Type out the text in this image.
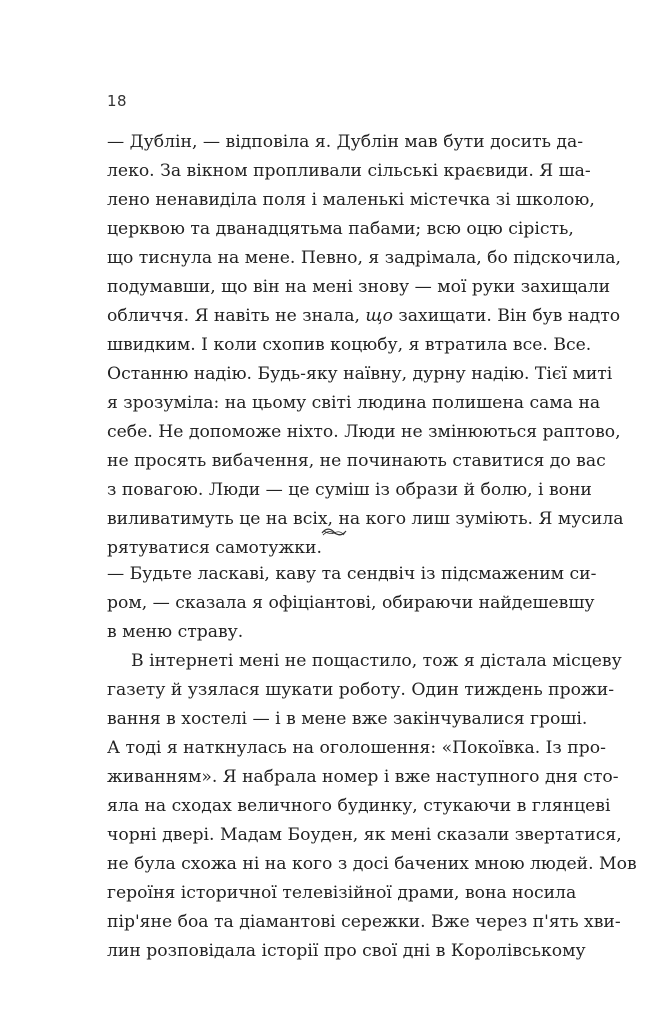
18
— Дублін, — відповіла я. Дублін мав бути досить да-
леко. За вікном пропливали сільські краєвиди. Я ша-
лено ненавиділа поля і маленькі містечка зі школою,
церквою та дванадцятьма пабами; всю оцю сірість,
що тиснула на мене. Певно, я задрімала, бо підскочила,
подумавши, що він на мені знову — мої руки захищали
обличчя. Я навіть не знала, що захищати. Він був надто
швидким. І коли схопив коцюбу, я втратила все. Все.
Останню надію. Будь-яку наївну, дурну надію. Тієї миті
я зрозуміла: на цьому світі людина полишена сама на
себе. Не допоможе ніхто. Люди не змінюються раптово,
не просять вибачення, не починають ставитися до вас
з повагою. Люди — це суміш із образи й болю, і вони
виливатимуть це на всіх, на кого лиш зуміють. Я мусила
рятуватися самотужки.
— Будьте ласкаві, каву та сендвіч із підсмаженим си-
ром, — сказала я офіціантові, обираючи найдешевшу
в меню страву.
В інтернеті мені не пощастило, тож я дістала місцеву
газету й узялася шукати роботу. Один тиждень прожи-
вання в хостелі — і в мене вже закінчувалися гроші.
А тоді я наткнулась на оголошення: «Покоївка. Із про-
живанням». Я набрала номер і вже наступного дня сто-
яла на сходах величного будинку, стукаючи в глянцеві
чорні двері. Мадам Боуден, як мені сказали звертатися,
не була схожа ні на кого з досі бачених мною людей. Мов
героїня історичної телевізійної драми, вона носила
пір'яне боа та діамантові сережки. Вже через п'ять хви-
лин розповідала історії про свої дні в Королівському
